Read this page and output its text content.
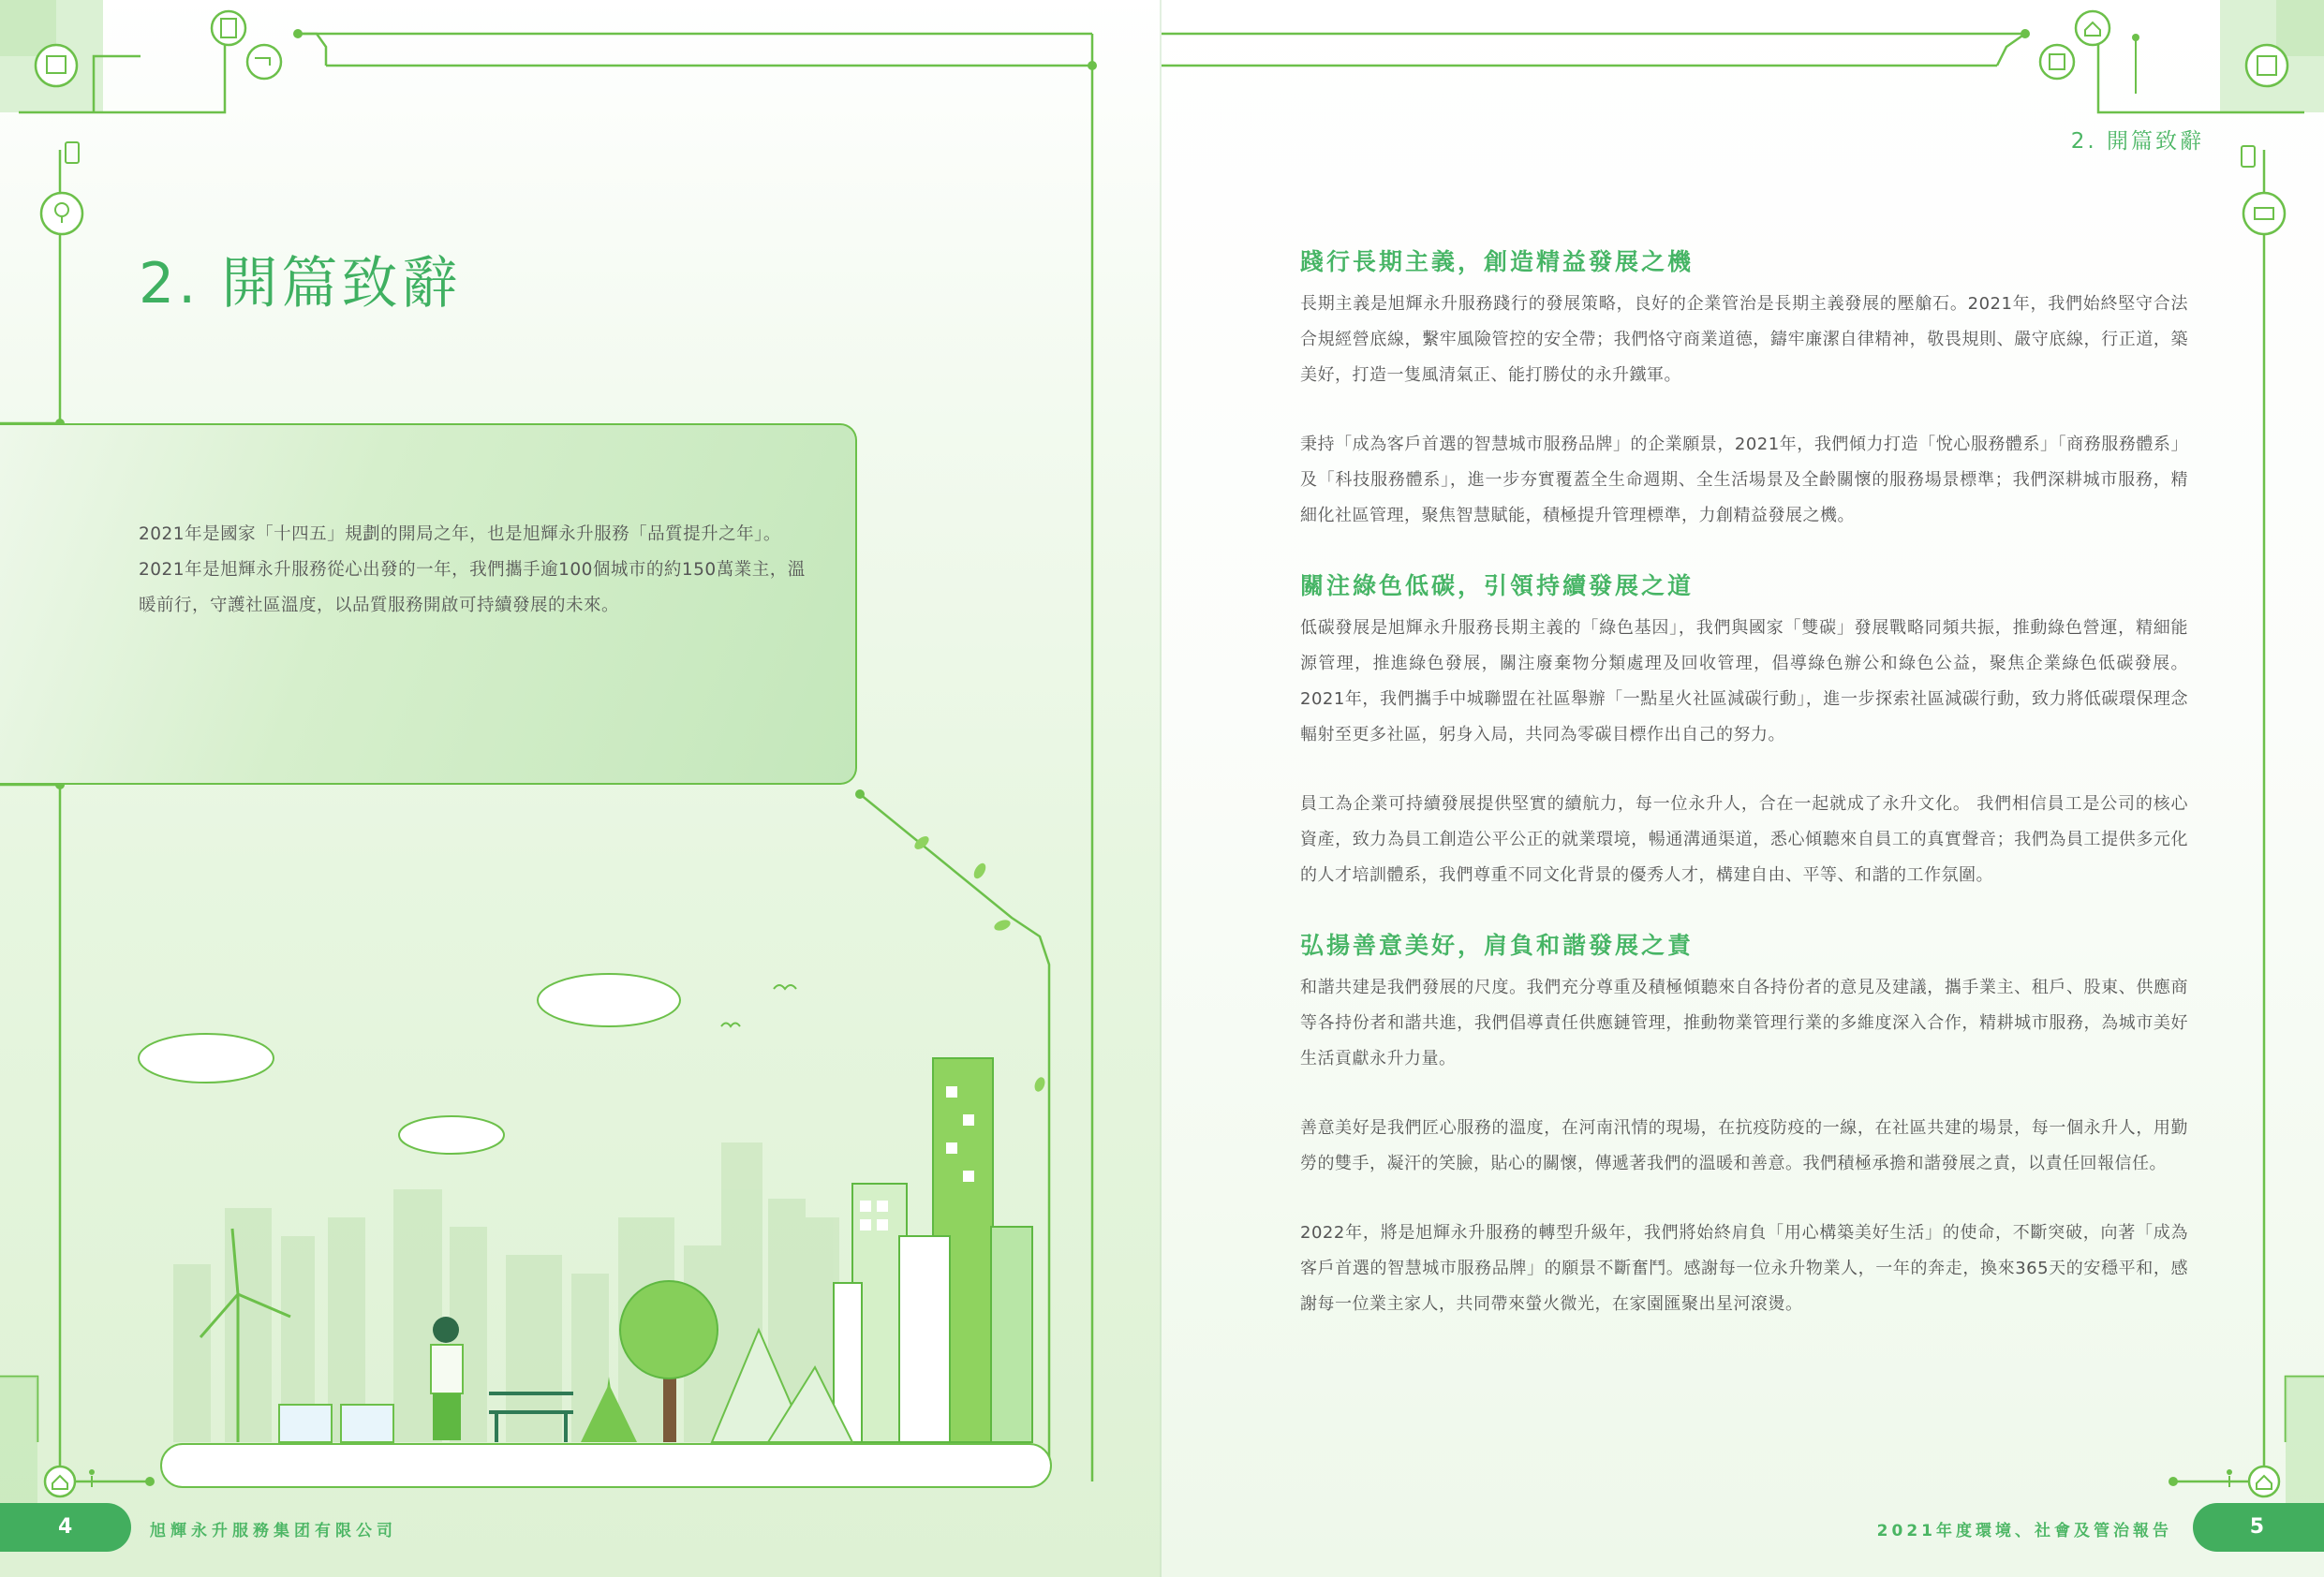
2. 開篇致辭

2021年是國家「十四五」規劃的開局之年，也是旭輝永升服務「品質提升之年」。2021年是旭輝永升服務從心出發的一年，我們攜手逾100個城市的約150萬業主，溫暖前行，守護社區溫度，以品質服務開啟可持續發展的未來。

4	旭輝永升服務集团有限公司
2. 開篇致辭
踐行長期主義，創造精益發展之機

長期主義是旭輝永升服務踐行的發展策略，良好的企業管治是長期主義發展的壓艙石。2021年，我們始終堅守合法合規經營底線，繫牢風險管控的安全帶；我們恪守商業道德，鑄牢廉潔自律精神，敬畏規則、嚴守底線，行正道，築美好，打造一隻風清氣正、能打勝仗的永升鐵軍。

秉持「成為客戶首選的智慧城市服務品牌」的企業願景，2021年，我們傾力打造「悅心服務體系」「商務服務體系」及「科技服務體系」，進一步夯實覆蓋全生命週期、全生活場景及全齡關懷的服務場景標準；我們深耕城市服務，精細化社區管理，聚焦智慧賦能，積極提升管理標準，力創精益發展之機。

關注綠色低碳，引領持續發展之道

低碳發展是旭輝永升服務長期主義的「綠色基因」，我們與國家「雙碳」發展戰略同頻共振，推動綠色營運，精細能源管理，推進綠色發展，關注廢棄物分類處理及回收管理，倡導綠色辦公和綠色公益，聚焦企業綠色低碳發展。2021年，我們攜手中城聯盟在社區舉辦「一點星火社區減碳行動」，進一步探索社區減碳行動，致力將低碳環保理念輻射至更多社區，躬身入局，共同為零碳目標作出自己的努力。

員工為企業可持續發展提供堅實的續航力，每一位永升人，合在一起就成了永升文化。 我們相信員工是公司的核心資產，致力為員工創造公平公正的就業環境，暢通溝通渠道，悉心傾聽來自員工的真實聲音；我們為員工提供多元化的人才培訓體系，我們尊重不同文化背景的優秀人才，構建自由、平等、和諧的工作氛圍。

弘揚善意美好，肩負和諧發展之責

和諧共建是我們發展的尺度。我們充分尊重及積極傾聽來自各持份者的意見及建議，攜手業主、租戶、股東、供應商等各持份者和諧共進，我們倡導責任供應鏈管理，推動物業管理行業的多維度深入合作，精耕城市服務，為城市美好生活貢獻永升力量。

善意美好是我們匠心服務的溫度，在河南汛情的現場，在抗疫防疫的一線，在社區共建的場景，每一個永升人，用勤勞的雙手，凝汗的笑臉，貼心的關懷，傳遞著我們的溫暖和善意。我們積極承擔和諧發展之責，以責任回報信任。

2022年，將是旭輝永升服務的轉型升級年，我們將始終肩負「用心構築美好生活」的使命，不斷突破，向著「成為客戶首選的智慧城市服務品牌」的願景不斷奮鬥。感謝每一位永升物業人，一年的奔走，換來365天的安穩平和，感謝每一位業主家人，共同帶來螢火微光，在家園匯聚出星河滾燙。

2021年度環境、社會及管治報告	5
